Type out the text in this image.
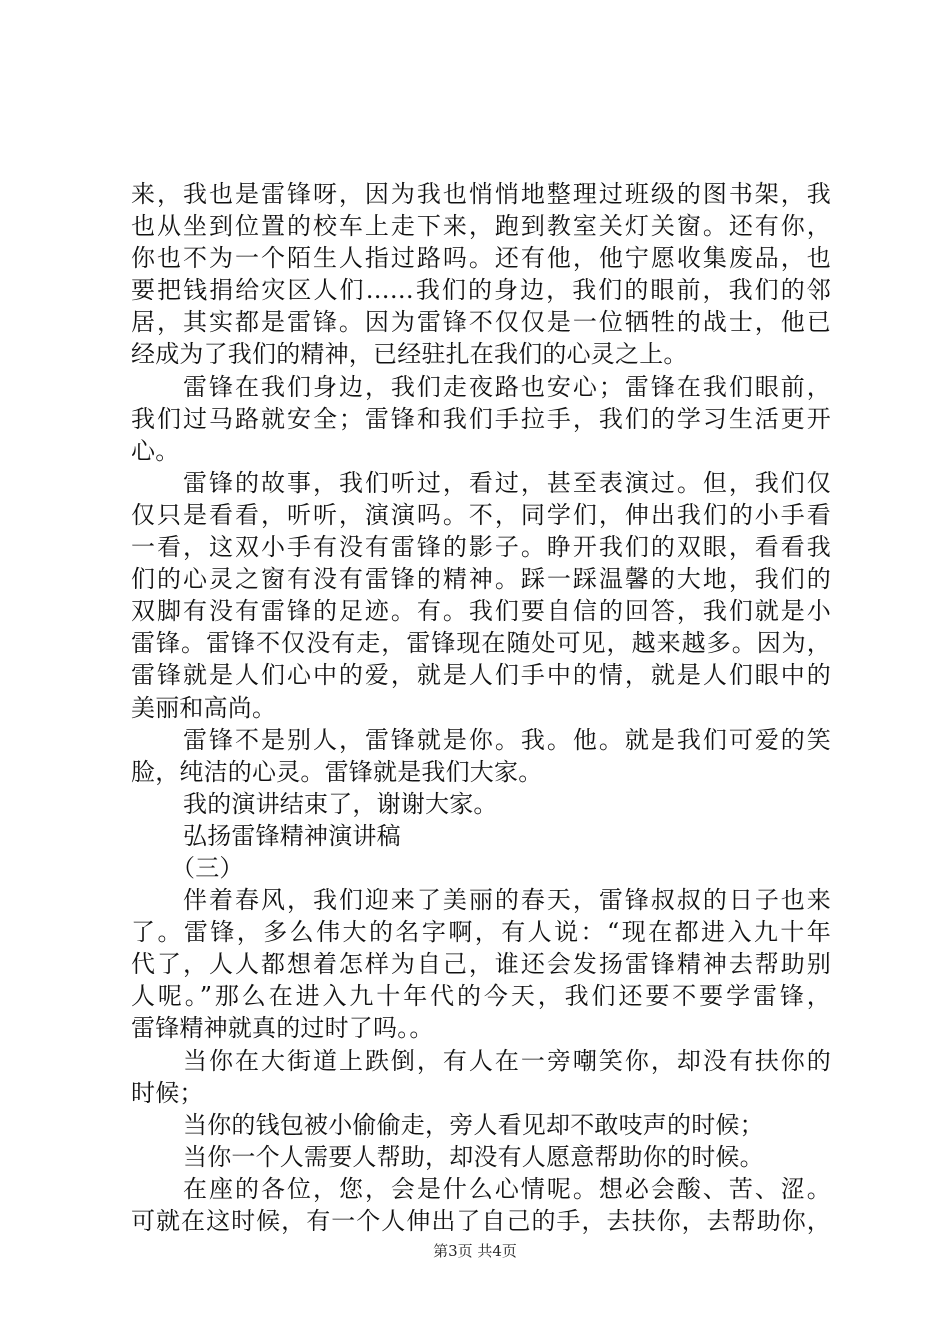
来，我也是雷锋呀，因为我也悄悄地整理过班级的图书架，我
也从坐到位置的校车上走下来，跑到教室关灯关窗。还有你，
你也不为一个陌生人指过路吗。还有他，他宁愿收集废品，也
要把钱捐给灾区人们……我们的身边，我们的眼前，我们的邻
居，其实都是雷锋。因为雷锋不仅仅是一位牺牲的战士，他已
经成为了我们的精神，已经驻扎在我们的心灵之上。
雷锋在我们身边，我们走夜路也安心；雷锋在我们眼前，
我们过马路就安全；雷锋和我们手拉手，我们的学习生活更开
心。
雷锋的故事，我们听过，看过，甚至表演过。但，我们仅
仅只是看看，听听，演演吗。不，同学们，伸出我们的小手看
一看，这双小手有没有雷锋的影子。睁开我们的双眼，看看我
们的心灵之窗有没有雷锋的精神。踩一踩温馨的大地，我们的
双脚有没有雷锋的足迹。有。我们要自信的回答，我们就是小
雷锋。雷锋不仅没有走，雷锋现在随处可见，越来越多。因为，
雷锋就是人们心中的爱，就是人们手中的情，就是人们眼中的
美丽和高尚。
雷锋不是别人，雷锋就是你。我。他。就是我们可爱的笑
脸，纯洁的心灵。雷锋就是我们大家。
我的演讲结束了，谢谢大家。
弘扬雷锋精神演讲稿
（三）
伴着春风，我们迎来了美丽的春天，雷锋叔叔的日子也来
了。雷锋，多么伟大的名字啊，有人说：“现在都进入九十年
代了，人人都想着怎样为自己，谁还会发扬雷锋精神去帮助别
人呢。”那么在进入九十年代的今天，我们还要不要学雷锋，
雷锋精神就真的过时了吗。。
当你在大街道上跌倒，有人在一旁嘲笑你，却没有扶你的
时候；
当你的钱包被小偷偷走，旁人看见却不敢吱声的时候；
当你一个人需要人帮助，却没有人愿意帮助你的时候。
在座的各位，您，会是什么心情呢。想必会酸、苦、涩。
可就在这时候，有一个人伸出了自己的手，去扶你，去帮助你，
第3页 共4页
